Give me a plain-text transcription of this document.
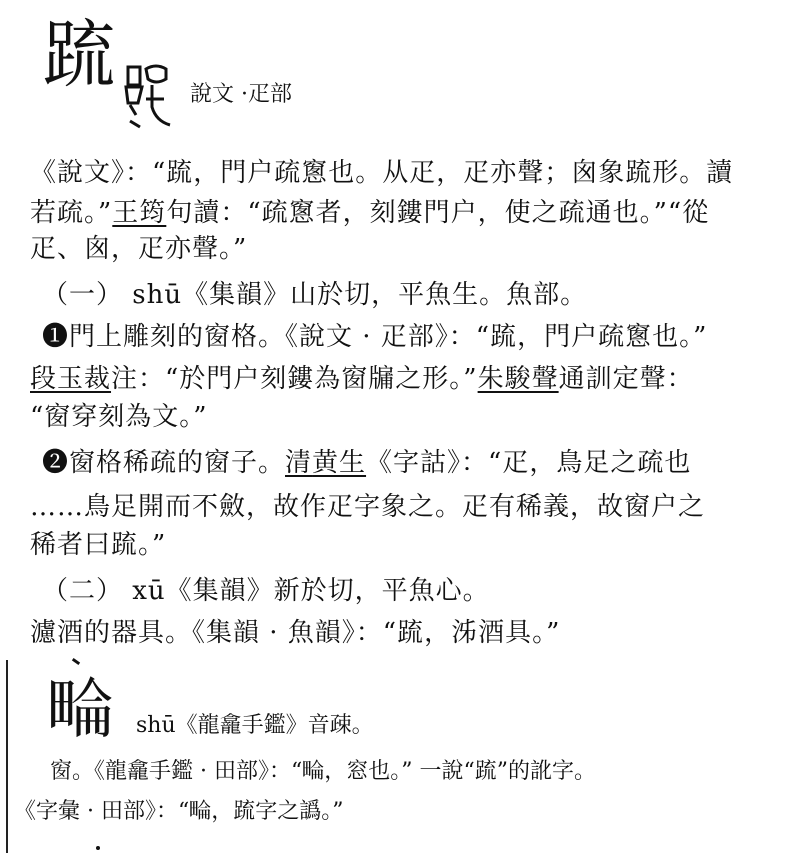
䟽	說文 ·疋部
《說文》：“䟽，門户疏窻也。从疋，疋亦聲；囪象䟽形。讀
若疏。”王筠句讀：“疏窻者，刻鏤門户，使之疏通也。”“從
疋、囪，疋亦聲。”
（一） shū《集韻》山於切，平魚生。魚部。
❶門上雕刻的窗格。《說文 · 疋部》：“䟽，門户疏窻也。”
段玉裁注：“於門户刻鏤為窗牖之形。”朱駿聲通訓定聲：
“窗穿刻為文。”
❷窗格稀疏的窗子。清黄生《字詁》：“疋，鳥足之疏也
……鳥足開而不斂，故作疋字象之。疋有稀義，故窗户之
稀者曰䟽。”
（二） xū《集韻》新於切，平魚心。
濾酒的器具。《集韻 · 魚韻》：“䟽，泲酒具。”
𤲕 shū《龍龕手鑑》音疎。
窗。《龍龕手鑑 · 田部》：“𤲕，窓也。” 一說“䟽”的訛字。
《字彙 · 田部》：“𤲕，䟽字之譌。”
